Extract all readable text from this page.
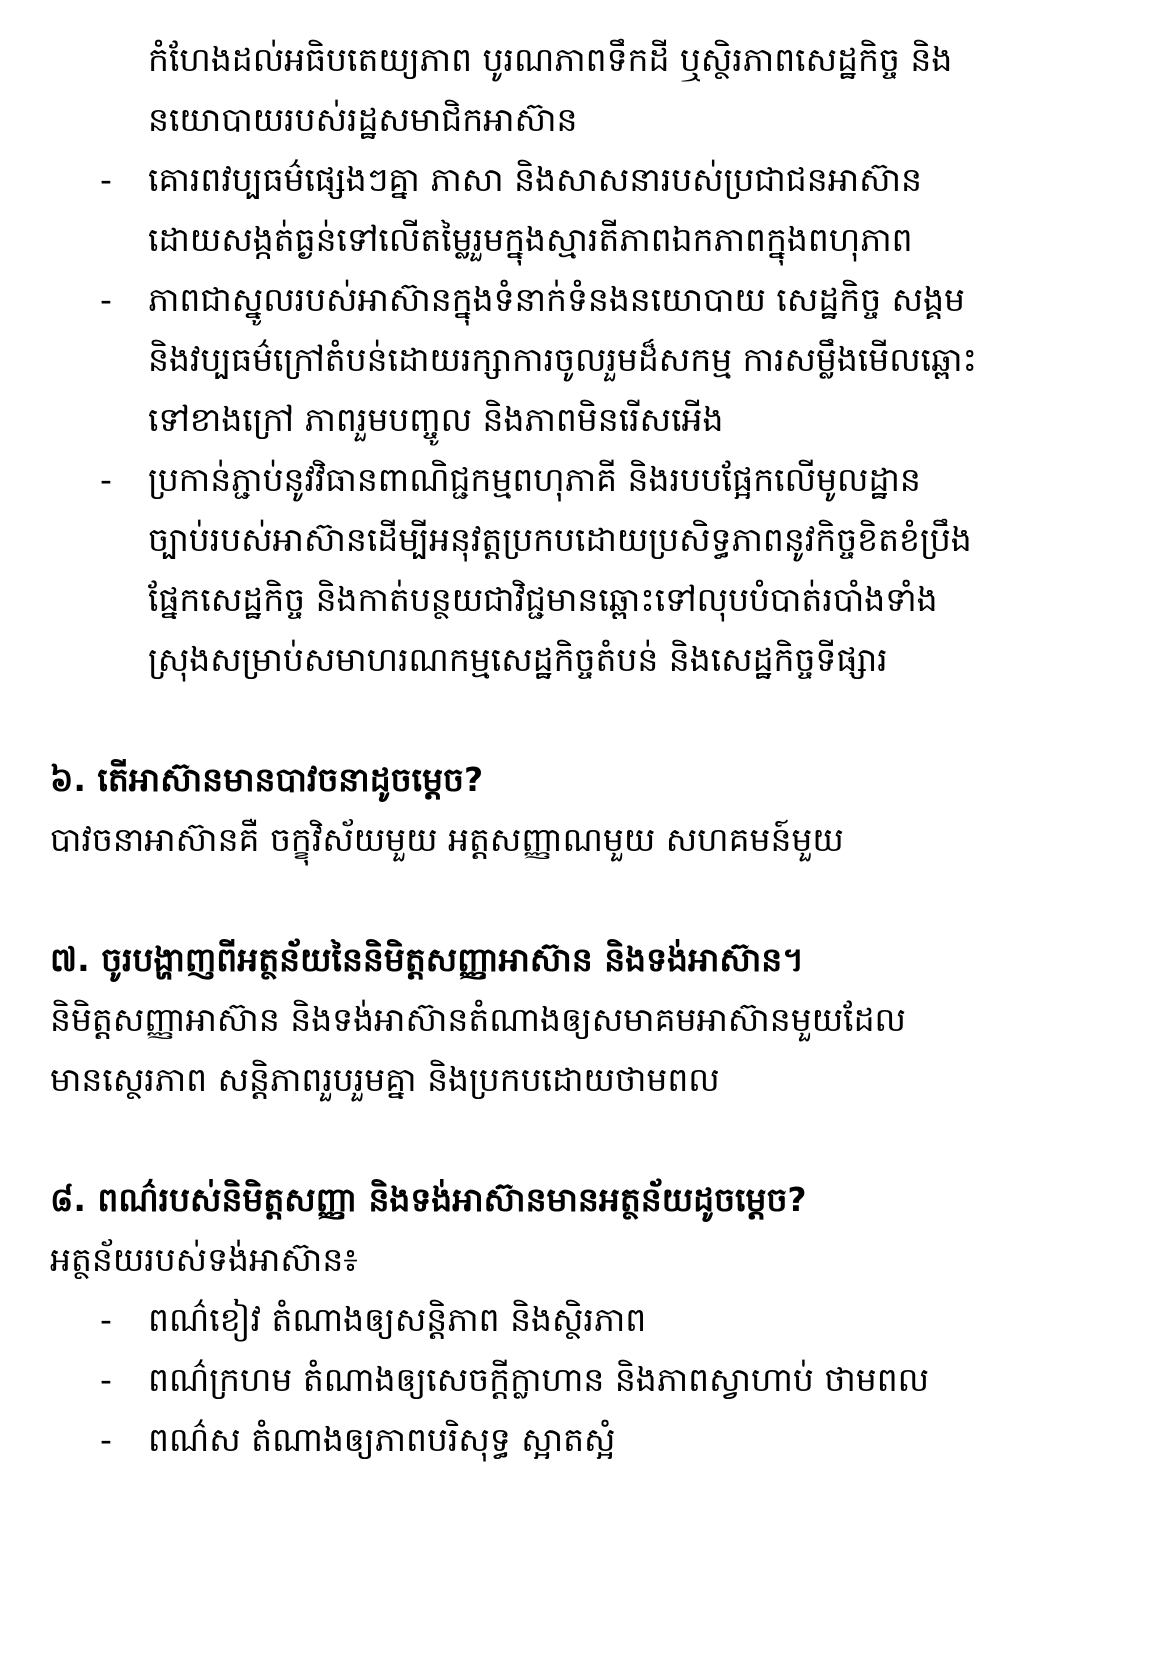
កំហែងដល់អធិបតេយ្យភាព បូរណភាពទឹកដី ឬស្ថិរភាពសេដ្ឋកិច្ច និង
នយោបាយរបស់រដ្ឋសមាជិកអាស៊ាន
-	គោរពវប្បធម៌ផ្សេងៗគ្នា ភាសា និងសាសនារបស់ប្រជាជនអាស៊ាន
ដោយសង្កត់ធ្ងន់ទៅលើតម្លៃរួមក្នុងស្មារតីភាពឯកភាពក្នុងពហុភាព
-	ភាពជាស្នូលរបស់អាស៊ានក្នុងទំនាក់ទំនងនយោបាយ សេដ្ឋកិច្ច សង្គម
និងវប្បធម៌ក្រៅតំបន់ដោយរក្សាការចូលរួមដ៏សកម្ម ការសម្លឹងមើលឆ្ពោះ
ទៅខាងក្រៅ ភាពរួមបញ្ចូល និងភាពមិនរើសអើង
-	ប្រកាន់ភ្ជាប់នូវវិធានពាណិជ្ជកម្មពហុភាគី និងរបបផ្អែកលើមូលដ្ឋាន
ច្បាប់របស់អាស៊ានដើម្បីអនុវត្តប្រកបដោយប្រសិទ្ធភាពនូវកិច្ចខិតខំប្រឹង
ផ្នែកសេដ្ឋកិច្ច និងកាត់បន្ថយជាវិជ្ជមានឆ្ពោះទៅលុបបំបាត់របាំងទាំង
ស្រុងសម្រាប់សមាហរណកម្មសេដ្ឋកិច្ចតំបន់ និងសេដ្ឋកិច្ចទីផ្សារ
៦. តើអាស៊ានមានបាវចនាដូចម្តេច?
បាវចនាអាស៊ានគឺ ចក្ខុវិស័យមួយ អត្តសញ្ញាណមួយ សហគមន៍មួយ
៧. ចូរបង្ហាញពីអត្ថន័យនៃនិមិត្តសញ្ញាអាស៊ាន និងទង់អាស៊ាន។
និមិត្តសញ្ញាអាស៊ាន និងទង់អាស៊ានតំណាងឲ្យសមាគមអាស៊ានមួយដែល
មានស្ថេរភាព សន្តិភាពរួបរួមគ្នា និងប្រកបដោយថាមពល
៨. ពណ៌របស់និមិត្តសញ្ញា និងទង់អាស៊ានមានអត្ថន័យដូចម្តេច?
អត្ថន័យរបស់ទង់អាស៊ាន៖
-	ពណ៌ខៀវ តំណាងឲ្យសន្តិភាព និងស្ថិរភាព
-	ពណ៌ក្រហម តំណាងឲ្យសេចក្តីក្លាហាន និងភាពស្វាហាប់ ថាមពល
-	ពណ៌ស តំណាងឲ្យភាពបរិសុទ្ធ ស្អាតស្អំ
